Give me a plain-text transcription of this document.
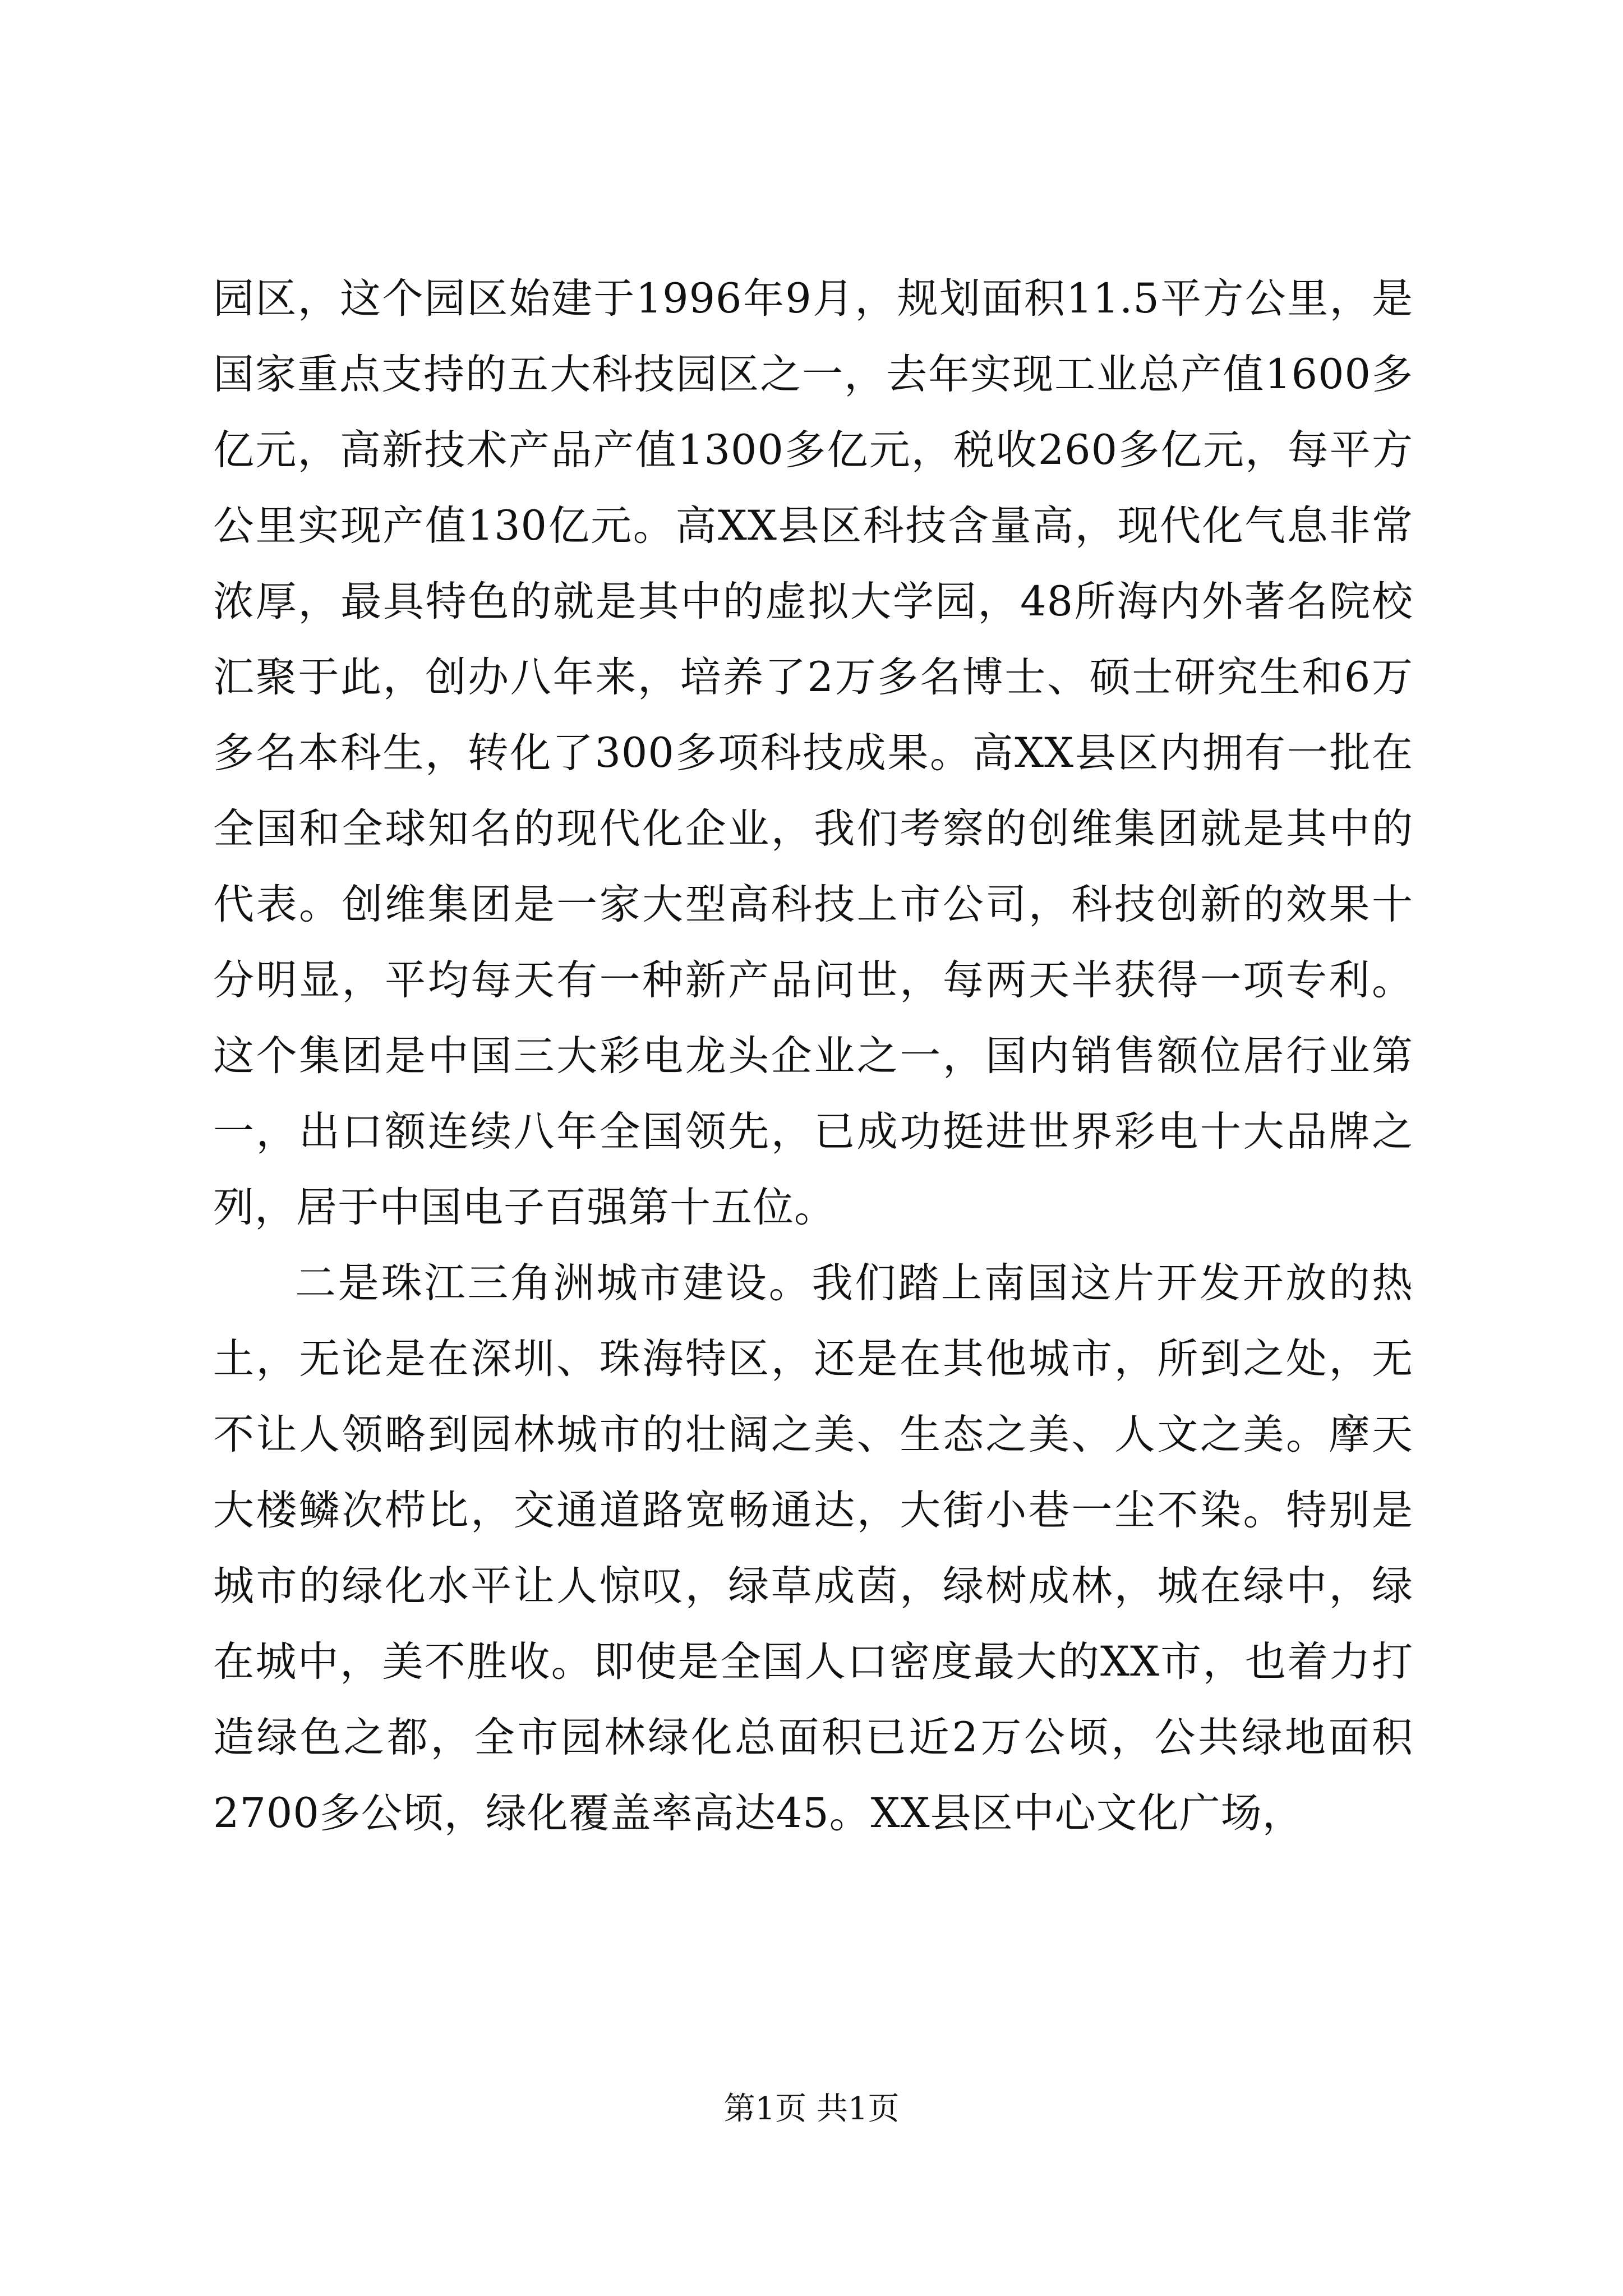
园区，这个园区始建于1996年9月，规划面积11.5平方公里，是国家重点支持的五大科技园区之一，去年实现工业总产值1600多亿元，高新技术产品产值1300多亿元，税收260多亿元，每平方公里实现产值130亿元。高XX县区科技含量高，现代化气息非常浓厚，最具特色的就是其中的虚拟大学园，48所海内外著名院校汇聚于此，创办八年来，培养了2万多名博士、硕士研究生和6万多名本科生，转化了300多项科技成果。高XX县区内拥有一批在全国和全球知名的现代化企业，我们考察的创维集团就是其中的代表。创维集团是一家大型高科技上市公司，科技创新的效果十分明显，平均每天有一种新产品问世，每两天半获得一项专利。这个集团是中国三大彩电龙头企业之一，国内销售额位居行业第一，出口额连续八年全国领先，已成功挺进世界彩电十大品牌之列，居于中国电子百强第十五位。

二是珠江三角洲城市建设。我们踏上南国这片开发开放的热土，无论是在深圳、珠海特区，还是在其他城市，所到之处，无不让人领略到园林城市的壮阔之美、生态之美、人文之美。摩天大楼鳞次栉比，交通道路宽畅通达，大街小巷一尘不染。特别是城市的绿化水平让人惊叹，绿草成茵，绿树成林，城在绿中，绿在城中，美不胜收。即使是全国人口密度最大的XX市，也着力打造绿色之都，全市园林绿化总面积已近2万公顷，公共绿地面积2700多公顷，绿化覆盖率高达45。XX县区中心文化广场，

第1页 共1页
